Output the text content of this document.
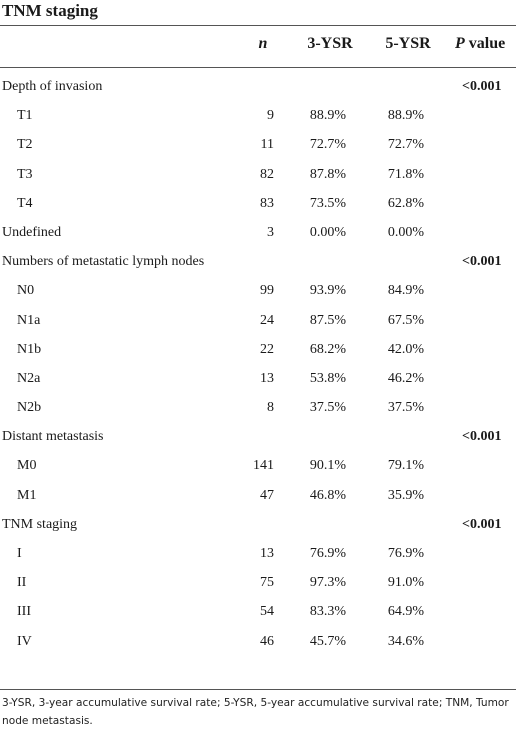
TNM staging
n	3-YSR	5-YSR	P value
Depth of invasion	<0.001
T1	9	88.9%	88.9%
T2	11	72.7%	72.7%
T3	82	87.8%	71.8%
T4	83	73.5%	62.8%
Undefined	3	0.00%	0.00%
Numbers of metastatic lymph nodes	<0.001
N0	99	93.9%	84.9%
N1a	24	87.5%	67.5%
N1b	22	68.2%	42.0%
N2a	13	53.8%	46.2%
N2b	8	37.5%	37.5%
Distant metastasis	<0.001
M0	141	90.1%	79.1%
M1	47	46.8%	35.9%
TNM staging	<0.001
I	13	76.9%	76.9%
II	75	97.3%	91.0%
III	54	83.3%	64.9%
IV	46	45.7%	34.6%
3-YSR, 3-year accumulative survival rate; 5-YSR, 5-year accumulative survival rate; TNM, Tumor node metastasis.
